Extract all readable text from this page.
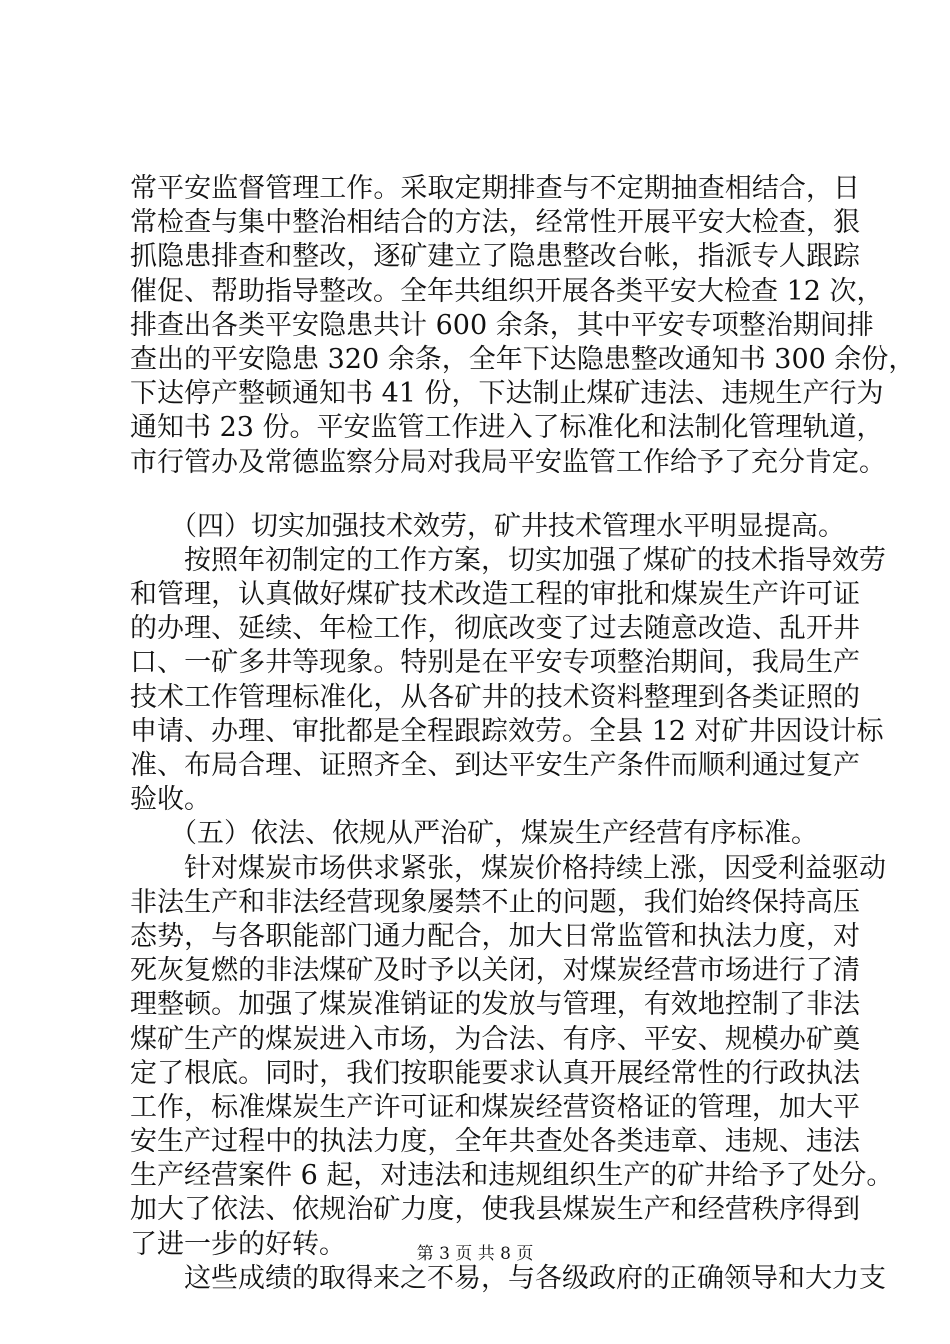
常平安监督管理工作。采取定期排查与不定期抽查相结合，日
常检查与集中整治相结合的方法，经常性开展平安大检查，狠
抓隐患排查和整改，逐矿建立了隐患整改台帐，指派专人跟踪
催促、帮助指导整改。全年共组织开展各类平安大检查 12 次，
排查出各类平安隐患共计 600 余条，其中平安专项整治期间排
查出的平安隐患 320 余条，全年下达隐患整改通知书 300 余份，
下达停产整顿通知书 41 份，下达制止煤矿违法、违规生产行为
通知书 23 份。平安监管工作进入了标准化和法制化管理轨道，
市行管办及常德监察分局对我局平安监管工作给予了充分肯定。
（四）切实加强技术效劳，矿井技术管理水平明显提高。
按照年初制定的工作方案，切实加强了煤矿的技术指导效劳
和管理，认真做好煤矿技术改造工程的审批和煤炭生产许可证
的办理、延续、年检工作，彻底改变了过去随意改造、乱开井
口、一矿多井等现象。特别是在平安专项整治期间，我局生产
技术工作管理标准化，从各矿井的技术资料整理到各类证照的
申请、办理、审批都是全程跟踪效劳。全县 12 对矿井因设计标
准、布局合理、证照齐全、到达平安生产条件而顺利通过复产
验收。
（五）依法、依规从严治矿，煤炭生产经营有序标准。
针对煤炭市场供求紧张，煤炭价格持续上涨，因受利益驱动
非法生产和非法经营现象屡禁不止的问题，我们始终保持高压
态势，与各职能部门通力配合，加大日常监管和执法力度，对
死灰复燃的非法煤矿及时予以关闭，对煤炭经营市场进行了清
理整顿。加强了煤炭准销证的发放与管理，有效地控制了非法
煤矿生产的煤炭进入市场，为合法、有序、平安、规模办矿奠
定了根底。同时，我们按职能要求认真开展经常性的行政执法
工作，标准煤炭生产许可证和煤炭经营资格证的管理，加大平
安生产过程中的执法力度，全年共查处各类违章、违规、违法
生产经营案件 6 起，对违法和违规组织生产的矿井给予了处分。
加大了依法、依规治矿力度，使我县煤炭生产和经营秩序得到
了进一步的好转。
这些成绩的取得来之不易，与各级政府的正确领导和大力支
第 3 页 共 8 页
